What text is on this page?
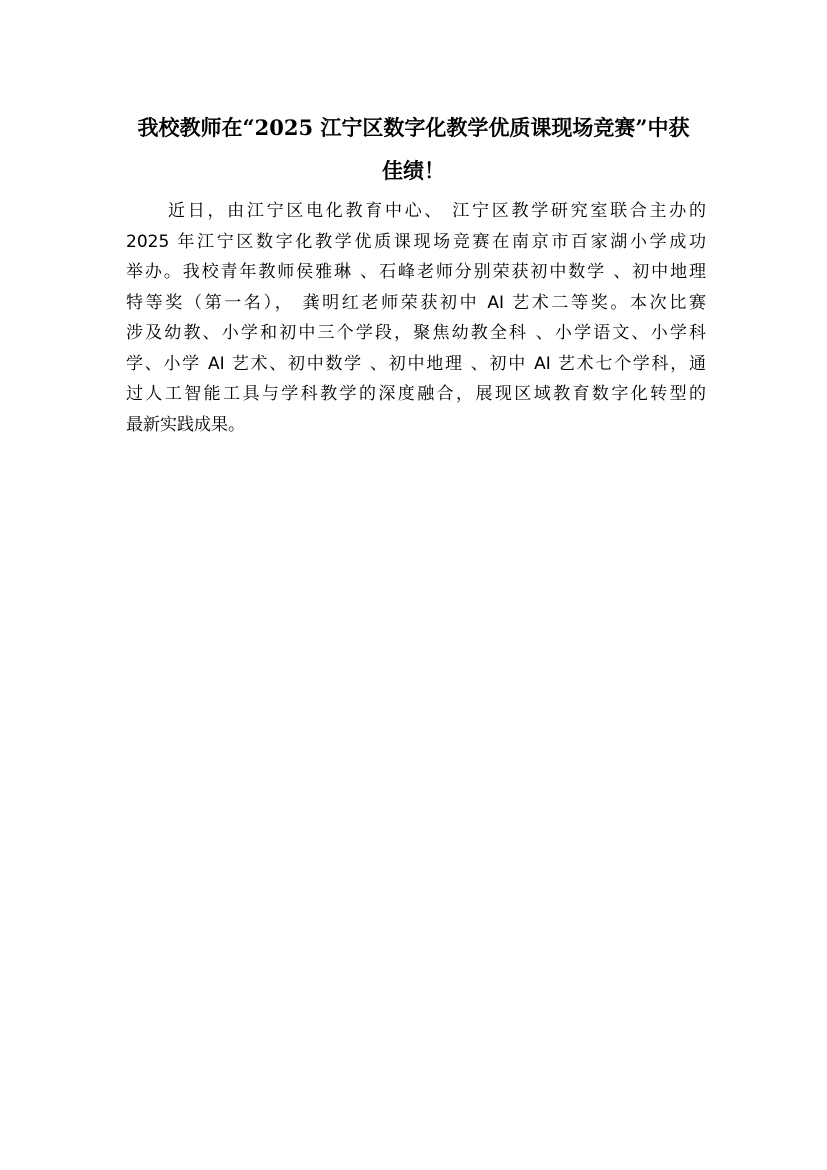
我校教师在“2025 江宁区数字化教学优质课现场竞赛”中获
佳绩！
近日，由江宁区电化教育中心、 江宁区教学研究室联合主办的
2025 年江宁区数字化教学优质课现场竞赛在南京市百家湖小学成功
举办。我校青年教师侯雅琳 、石峰老师分别荣获初中数学 、初中地理
特等奖（第一名）， 龚明红老师荣获初中 AI 艺术二等奖。本次比赛
涉及幼教、小学和初中三个学段，聚焦幼教全科 、小学语文、小学科
学、小学 AI 艺术、初中数学 、初中地理 、初中 AI 艺术七个学科，通
过人工智能工具与学科教学的深度融合，展现区域教育数字化转型的
最新实践成果。
